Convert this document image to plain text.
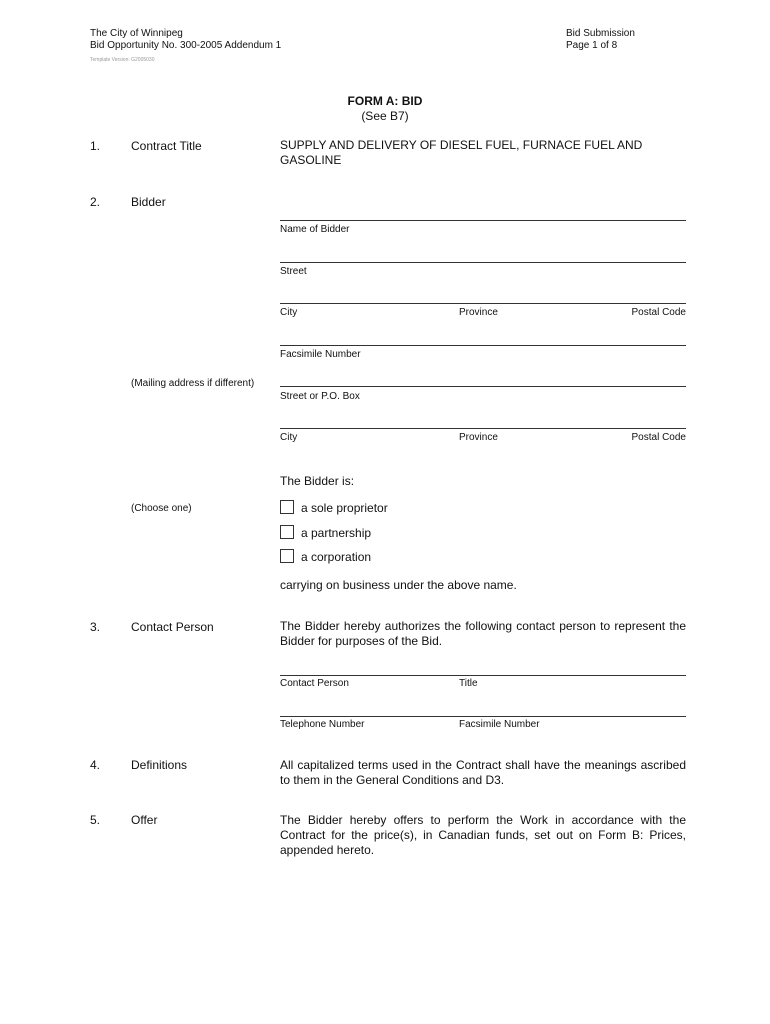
The City of Winnipeg
Bid Opportunity No. 300-2005 Addendum 1
Template Version: G2005030
Bid Submission
Page 1 of 8
FORM A: BID
(See B7)
1.	Contract Title	SUPPLY AND DELIVERY OF DIESEL FUEL, FURNACE FUEL AND GASOLINE
2.	Bidder
Name of Bidder
Street
City	Province	Postal Code
Facsimile Number
(Mailing address if different)
Street or P.O. Box
City	Province	Postal Code
The Bidder is:
(Choose one)	a sole proprietor
a partnership
a corporation
carrying on business under the above name.
3.	Contact Person	The Bidder hereby authorizes the following contact person to represent the Bidder for purposes of the Bid.
Contact Person	Title
Telephone Number	Facsimile Number
4.	Definitions	All capitalized terms used in the Contract shall have the meanings ascribed to them in the General Conditions and D3.
5.	Offer	The Bidder hereby offers to perform the Work in accordance with the Contract for the price(s), in Canadian funds, set out on Form B: Prices, appended hereto.
